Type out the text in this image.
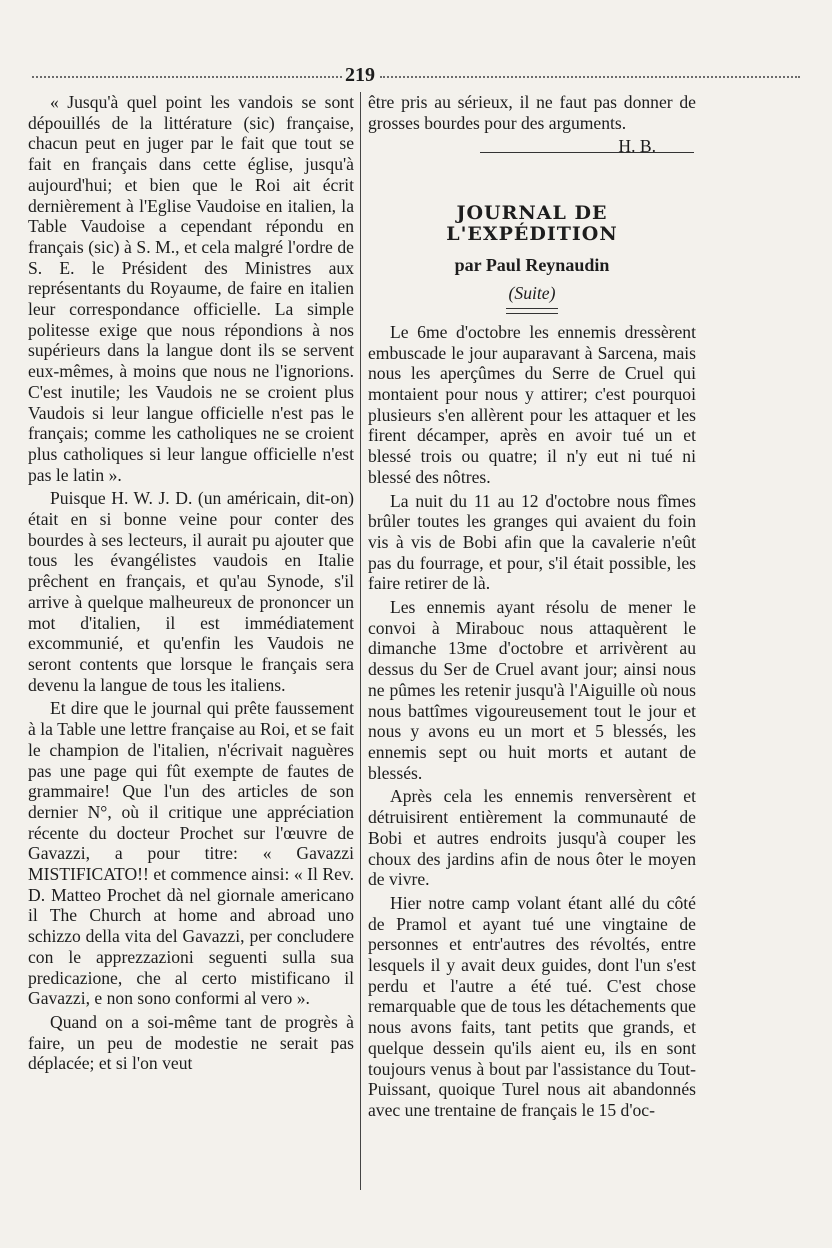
219

« Jusqu'à quel point les vandois se sont dépouillés de la littérature (sic) française, chacun peut en juger par le fait que tout se fait en français dans cette église, jusqu'à aujourd'hui; et bien que le Roi ait écrit dernièrement à l'Eglise Vaudoise en italien, la Table Vaudoise a cependant répondu en français (sic) à S. M., et cela malgré l'ordre de S. E. le Président des Ministres aux représentants du Royaume, de faire en italien leur correspondance officielle. La simple politesse exige que nous répondions à nos supérieurs dans la langue dont ils se servent eux-mêmes, à moins que nous ne l'ignorions. C'est inutile; les Vaudois ne se croient plus Vaudois si leur langue officielle n'est pas le français; comme les catholiques ne se croient plus catholiques si leur langue officielle n'est pas le latin ».

Puisque H. W. J. D. (un américain, dit-on) était en si bonne veine pour conter des bourdes à ses lecteurs, il aurait pu ajouter que tous les évangélistes vaudois en Italie prêchent en français, et qu'au Synode, s'il arrive à quelque malheureux de prononcer un mot d'italien, il est immédiatement excommunié, et qu'enfin les Vaudois ne seront contents que lorsque le français sera devenu la langue de tous les italiens.

Et dire que le journal qui prête faussement à la Table une lettre française au Roi, et se fait le champion de l'italien, n'écrivait naguères pas une page qui fût exempte de fautes de grammaire! Que l'un des articles de son dernier N°, où il critique une appréciation récente du docteur Prochet sur l'œuvre de Gavazzi, a pour titre: « Gavazzi MISTIFICATO!! et commence ainsi: « Il Rev. D. Matteo Prochet dà nel giornale americano il The Church at home and abroad uno schizzo della vita del Gavazzi, per concludere con le apprezzazioni seguenti sulla sua predicazione, che al certo mistificano il Gavazzi, e non sono conformi al vero ».

Quand on a soi-même tant de progrès à faire, un peu de modestie ne serait pas déplacée; et si l'on veut

être pris au sérieux, il ne faut pas donner de grosses bourdes pour des arguments.

H. B.
JOURNAL DE L'EXPÉDITION
par Paul Reynaudin
(Suite)

Le 6me d'octobre les ennemis dressèrent embuscade le jour auparavant à Sarcena, mais nous les aperçûmes du Serre de Cruel qui montaient pour nous y attirer; c'est pourquoi plusieurs s'en allèrent pour les attaquer et les firent décamper, après en avoir tué un et blessé trois ou quatre; il n'y eut ni tué ni blessé des nôtres.

La nuit du 11 au 12 d'octobre nous fîmes brûler toutes les granges qui avaient du foin vis à vis de Bobi afin que la cavalerie n'eût pas du fourrage, et pour, s'il était possible, les faire retirer de là.

Les ennemis ayant résolu de mener le convoi à Mirabouc nous attaquèrent le dimanche 13me d'octobre et arrivèrent au dessus du Ser de Cruel avant jour; ainsi nous ne pûmes les retenir jusqu'à l'Aiguille où nous nous battîmes vigoureusement tout le jour et nous y avons eu un mort et 5 blessés, les ennemis sept ou huit morts et autant de blessés.

Après cela les ennemis renversèrent et détruisirent entièrement la communauté de Bobi et autres endroits jusqu'à couper les choux des jardins afin de nous ôter le moyen de vivre.

Hier notre camp volant étant allé du côté de Pramol et ayant tué une vingtaine de personnes et entr'autres des révoltés, entre lesquels il y avait deux guides, dont l'un s'est perdu et l'autre a été tué. C'est chose remarquable que de tous les détachements que nous avons faits, tant petits que grands, et quelque dessein qu'ils aient eu, ils en sont toujours venus à bout par l'assistance du Tout-Puissant, quoique Turel nous ait abandonnés avec une trentaine de français le 15 d'oc-
